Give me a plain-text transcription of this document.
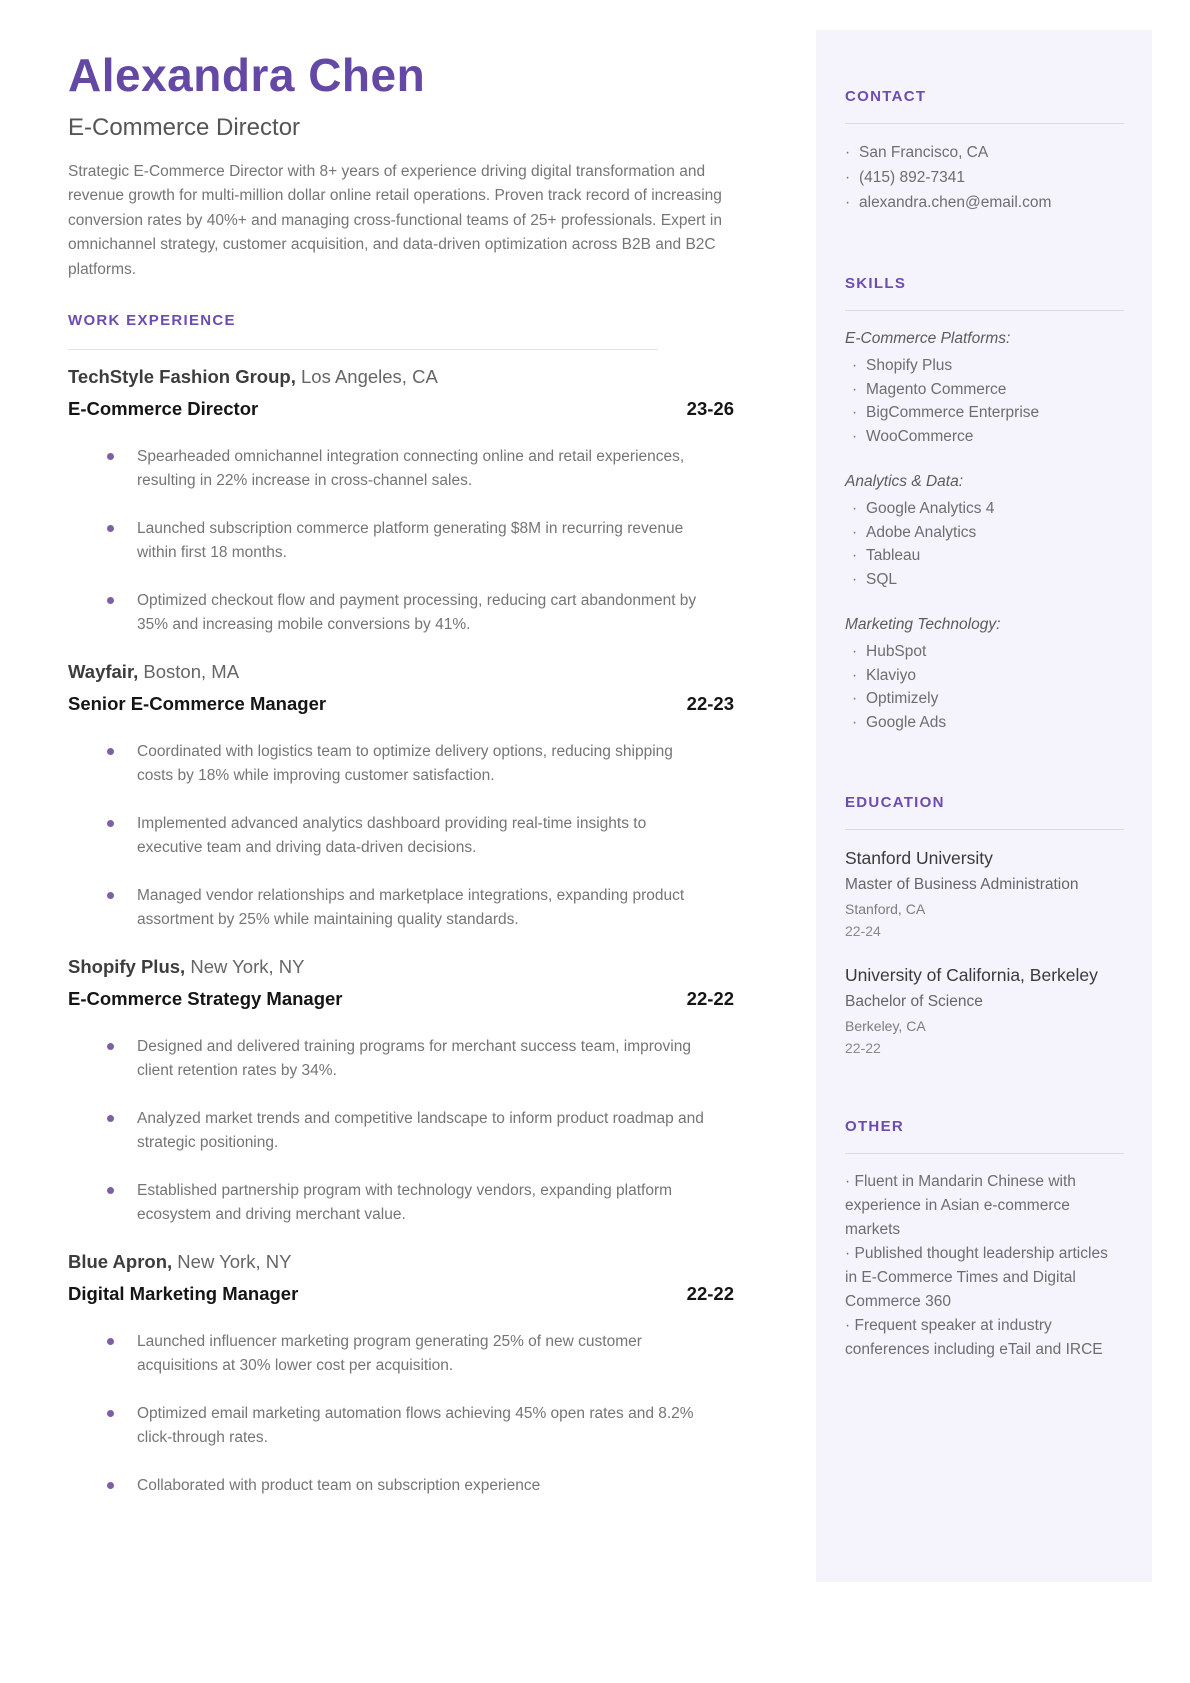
Alexandra Chen
E-Commerce Director

Strategic E-Commerce Director with 8+ years of experience driving digital transformation and revenue growth for multi-million dollar online retail operations. Proven track record of increasing conversion rates by 40%+ and managing cross-functional teams of 25+ professionals. Expert in omnichannel strategy, customer acquisition, and data-driven optimization across B2B and B2C platforms.

WORK EXPERIENCE
TechStyle Fashion Group, Los Angeles, CA
E-Commerce Director	23-26
Spearheaded omnichannel integration connecting online and retail experiences, resulting in 22% increase in cross-channel sales.
Launched subscription commerce platform generating $8M in recurring revenue within first 18 months.
Optimized checkout flow and payment processing, reducing cart abandonment by 35% and increasing mobile conversions by 41%.
Wayfair, Boston, MA
Senior E-Commerce Manager	22-23
Coordinated with logistics team to optimize delivery options, reducing shipping costs by 18% while improving customer satisfaction.
Implemented advanced analytics dashboard providing real-time insights to executive team and driving data-driven decisions.
Managed vendor relationships and marketplace integrations, expanding product assortment by 25% while maintaining quality standards.
Shopify Plus, New York, NY
E-Commerce Strategy Manager	22-22
Designed and delivered training programs for merchant success team, improving client retention rates by 34%.
Analyzed market trends and competitive landscape to inform product roadmap and strategic positioning.
Established partnership program with technology vendors, expanding platform ecosystem and driving merchant value.
Blue Apron, New York, NY
Digital Marketing Manager	22-22
Launched influencer marketing program generating 25% of new customer acquisitions at 30% lower cost per acquisition.
Optimized email marketing automation flows achieving 45% open rates and 8.2% click-through rates.
Collaborated with product team on subscription experience
CONTACT
· San Francisco, CA
· (415) 892-7341
· alexandra.chen@email.com
SKILLS
E-Commerce Platforms:
· Shopify Plus
· Magento Commerce
· BigCommerce Enterprise
· WooCommerce
Analytics & Data:
· Google Analytics 4
· Adobe Analytics
· Tableau
· SQL
Marketing Technology:
· HubSpot
· Klaviyo
· Optimizely
· Google Ads
EDUCATION
Stanford University
Master of Business Administration
Stanford, CA
22-24
University of California, Berkeley
Bachelor of Science
Berkeley, CA
22-22
OTHER
· Fluent in Mandarin Chinese with experience in Asian e-commerce markets
· Published thought leadership articles in E-Commerce Times and Digital Commerce 360
· Frequent speaker at industry conferences including eTail and IRCE
